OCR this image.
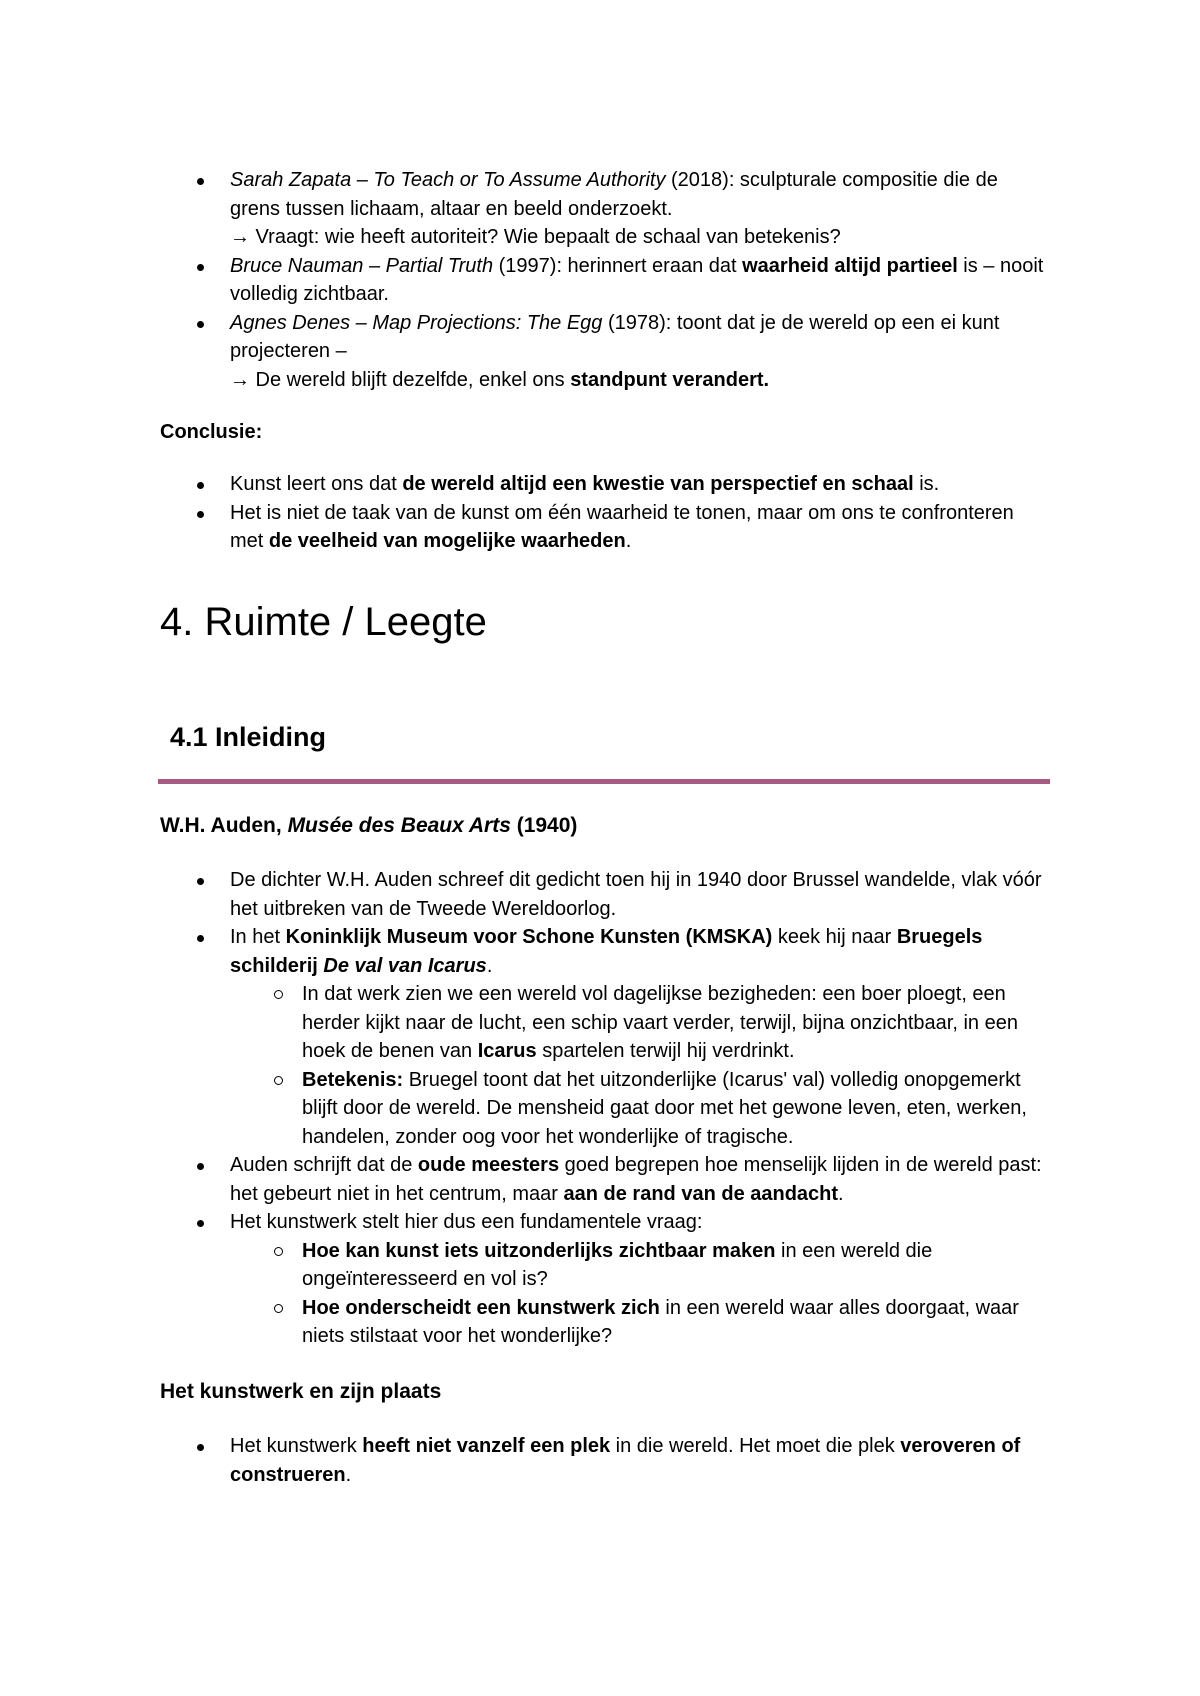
Sarah Zapata – To Teach or To Assume Authority (2018): sculpturale compositie die de grens tussen lichaam, altaar en beeld onderzoekt.
→ Vraagt: wie heeft autoriteit? Wie bepaalt de schaal van betekenis?
Bruce Nauman – Partial Truth (1997): herinnert eraan dat waarheid altijd partieel is – nooit volledig zichtbaar.
Agnes Denes – Map Projections: The Egg (1978): toont dat je de wereld op een ei kunt projecteren –
→ De wereld blijft dezelfde, enkel ons standpunt verandert.
Conclusie:
Kunst leert ons dat de wereld altijd een kwestie van perspectief en schaal is.
Het is niet de taak van de kunst om één waarheid te tonen, maar om ons te confronteren met de veelheid van mogelijke waarheden.
4. Ruimte / Leegte
4.1 Inleiding
W.H. Auden, Musée des Beaux Arts (1940)
De dichter W.H. Auden schreef dit gedicht toen hij in 1940 door Brussel wandelde, vlak vóór het uitbreken van de Tweede Wereldoorlog.
In het Koninklijk Museum voor Schone Kunsten (KMSKA) keek hij naar Bruegels schilderij De val van Icarus.
In dat werk zien we een wereld vol dagelijkse bezigheden: een boer ploegt, een herder kijkt naar de lucht, een schip vaart verder, terwijl, bijna onzichtbaar, in een hoek de benen van Icarus spartelen terwijl hij verdrinkt.
Betekenis: Bruegel toont dat het uitzonderlijke (Icarus' val) volledig onopgemerkt blijft door de wereld. De mensheid gaat door met het gewone leven, eten, werken, handelen, zonder oog voor het wonderlijke of tragische.
Auden schrijft dat de oude meesters goed begrepen hoe menselijk lijden in de wereld past: het gebeurt niet in het centrum, maar aan de rand van de aandacht.
Het kunstwerk stelt hier dus een fundamentele vraag:
Hoe kan kunst iets uitzonderlijks zichtbaar maken in een wereld die ongeïnteresseerd en vol is?
Hoe onderscheidt een kunstwerk zich in een wereld waar alles doorgaat, waar niets stilstaat voor het wonderlijke?
Het kunstwerk en zijn plaats
Het kunstwerk heeft niet vanzelf een plek in die wereld. Het moet die plek veroveren of construeren.
